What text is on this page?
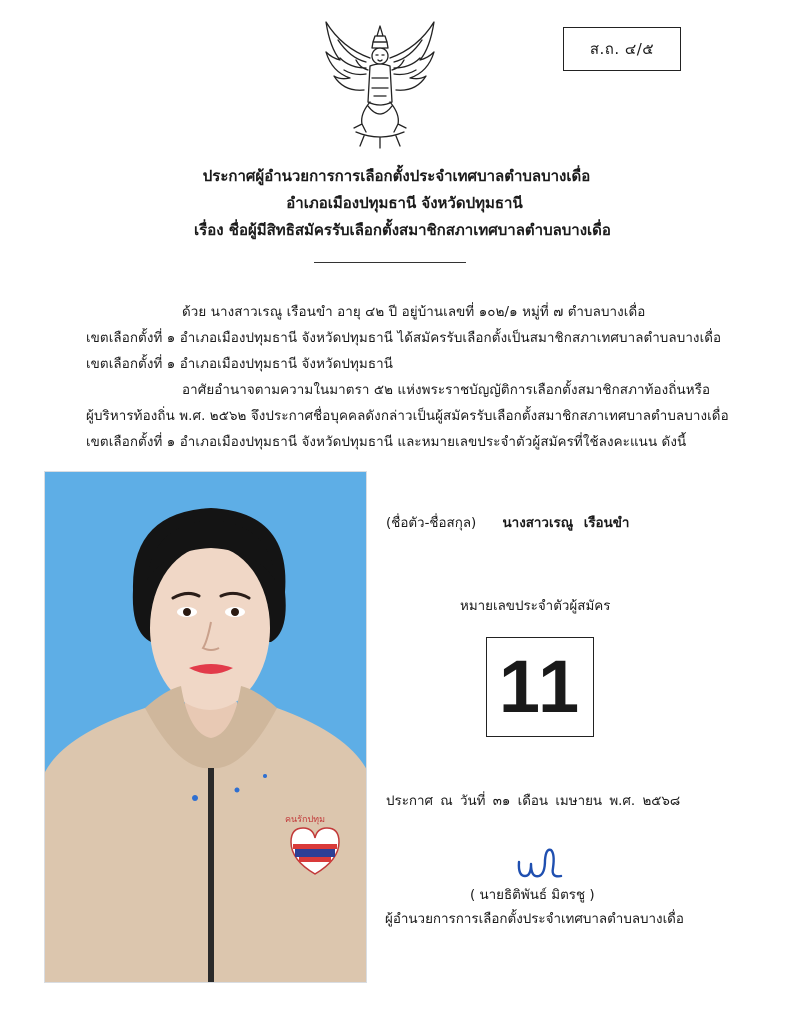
ส.ถ. ๔/๕
ประกาศผู้อำนวยการการเลือกตั้งประจำเทศบาลตำบลบางเดื่อ
อำเภอเมืองปทุมธานี จังหวัดปทุมธานี
เรื่อง ชื่อผู้มีสิทธิสมัครรับเลือกตั้งสมาชิกสภาเทศบาลตำบลบางเดื่อ
ด้วย นางสาวเรณู เรือนขำ อายุ ๔๒ ปี อยู่บ้านเลขที่ ๑๐๒/๑ หมู่ที่ ๗ ตำบลบางเดื่อ
เขตเลือกตั้งที่ ๑ อำเภอเมืองปทุมธานี จังหวัดปทุมธานี ได้สมัครรับเลือกตั้งเป็นสมาชิกสภาเทศบาลตำบลบางเดื่อ
เขตเลือกตั้งที่ ๑ อำเภอเมืองปทุมธานี จังหวัดปทุมธานี
อาศัยอำนาจตามความในมาตรา ๕๒ แห่งพระราชบัญญัติการเลือกตั้งสมาชิกสภาท้องถิ่นหรือ
ผู้บริหารท้องถิ่น พ.ศ. ๒๕๖๒ จึงประกาศชื่อบุคคลดังกล่าวเป็นผู้สมัครรับเลือกตั้งสมาชิกสภาเทศบาลตำบลบางเดื่อ
เขตเลือกตั้งที่ ๑ อำเภอเมืองปทุมธานี จังหวัดปทุมธานี และหมายเลขประจำตัวผู้สมัครที่ใช้ลงคะแนน ดังนี้
คนรักปทุม
(ชื่อตัว-ชื่อสกุล) นางสาวเรณู เรือนขำ
หมายเลขประจำตัวผู้สมัคร
11
ประกาศ ณ วันที่ ๓๑ เดือน เมษายน พ.ศ. ๒๕๖๘
( นายธิติพันธ์ มิตรชู )
ผู้อำนวยการการเลือกตั้งประจำเทศบาลตำบลบางเดื่อ
